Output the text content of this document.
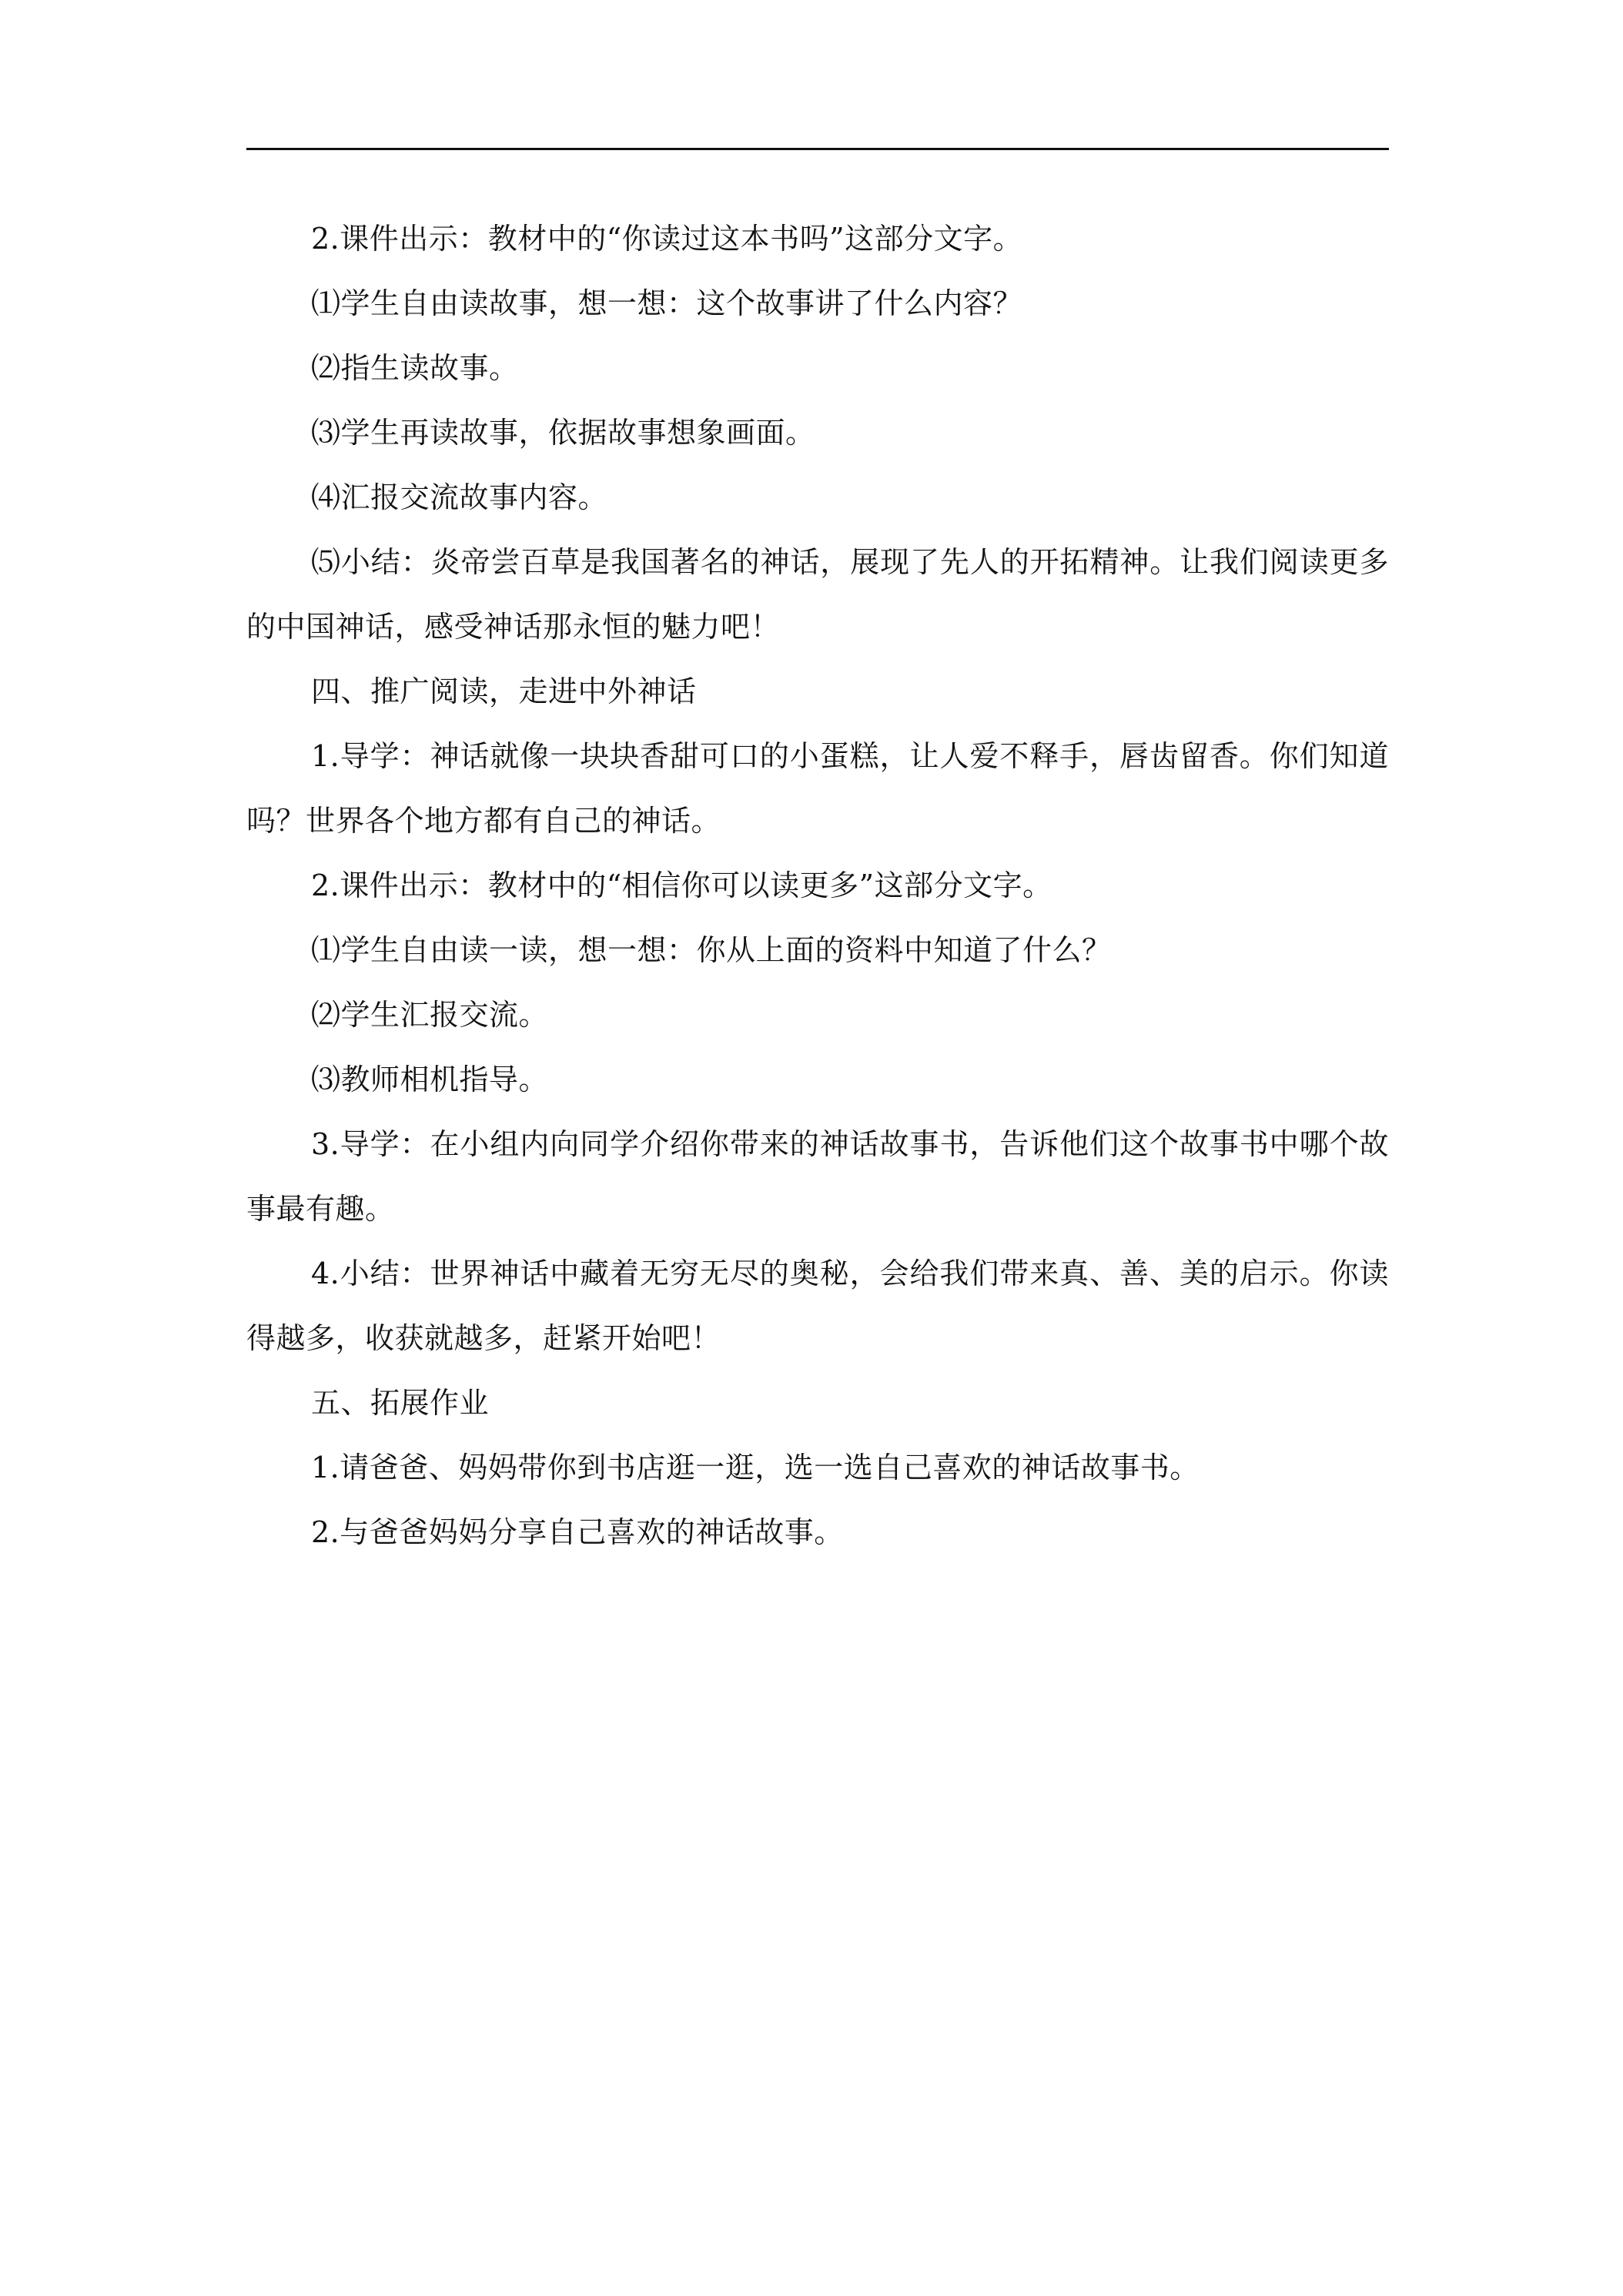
2.课件出示：教材中的“你读过这本书吗”这部分文字。

⑴学生自由读故事，想一想：这个故事讲了什么内容？

⑵指生读故事。

⑶学生再读故事，依据故事想象画面。

⑷汇报交流故事内容。

⑸小结：炎帝尝百草是我国著名的神话，展现了先人的开拓精神。让我们阅读更多的中国神话，感受神话那永恒的魅力吧！

四、推广阅读，走进中外神话

1.导学：神话就像一块块香甜可口的小蛋糕，让人爱不释手，唇齿留香。你们知道吗？世界各个地方都有自己的神话。

2.课件出示：教材中的“相信你可以读更多”这部分文字。

⑴学生自由读一读，想一想：你从上面的资料中知道了什么？

⑵学生汇报交流。

⑶教师相机指导。

3.导学：在小组内向同学介绍你带来的神话故事书，告诉他们这个故事书中哪个故事最有趣。

4.小结：世界神话中藏着无穷无尽的奥秘，会给我们带来真、善、美的启示。你读得越多，收获就越多，赶紧开始吧！

五、拓展作业

1.请爸爸、妈妈带你到书店逛一逛，选一选自己喜欢的神话故事书。

2.与爸爸妈妈分享自己喜欢的神话故事。
